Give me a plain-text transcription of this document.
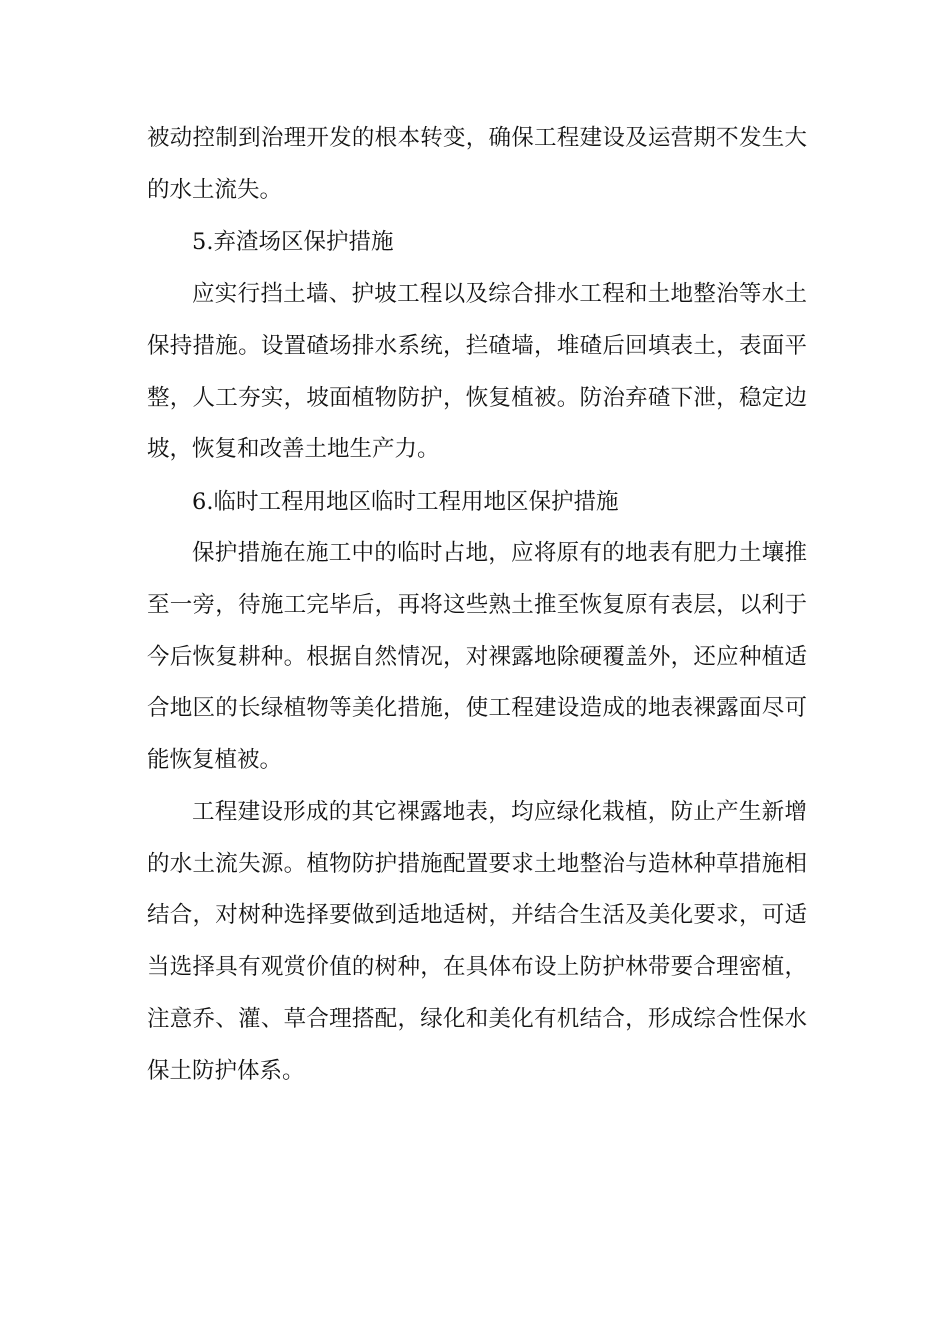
被动控制到治理开发的根本转变，确保工程建设及运营期不发生大
的水土流失。
5.弃渣场区保护措施
应实行挡土墙、护坡工程以及综合排水工程和土地整治等水土
保持措施。设置碴场排水系统，拦碴墙，堆碴后回填表土，表面平
整，人工夯实，坡面植物防护，恢复植被。防治弃碴下泄，稳定边
坡，恢复和改善土地生产力。
6.临时工程用地区临时工程用地区保护措施
保护措施在施工中的临时占地，应将原有的地表有肥力土壤推
至一旁，待施工完毕后，再将这些熟土推至恢复原有表层，以利于
今后恢复耕种。根据自然情况，对裸露地除硬覆盖外，还应种植适
合地区的长绿植物等美化措施，使工程建设造成的地表裸露面尽可
能恢复植被。
工程建设形成的其它裸露地表，均应绿化栽植，防止产生新增
的水土流失源。植物防护措施配置要求土地整治与造林种草措施相
结合，对树种选择要做到适地适树，并结合生活及美化要求，可适
当选择具有观赏价值的树种，在具体布设上防护林带要合理密植，
注意乔、灌、草合理搭配，绿化和美化有机结合，形成综合性保水
保土防护体系。
